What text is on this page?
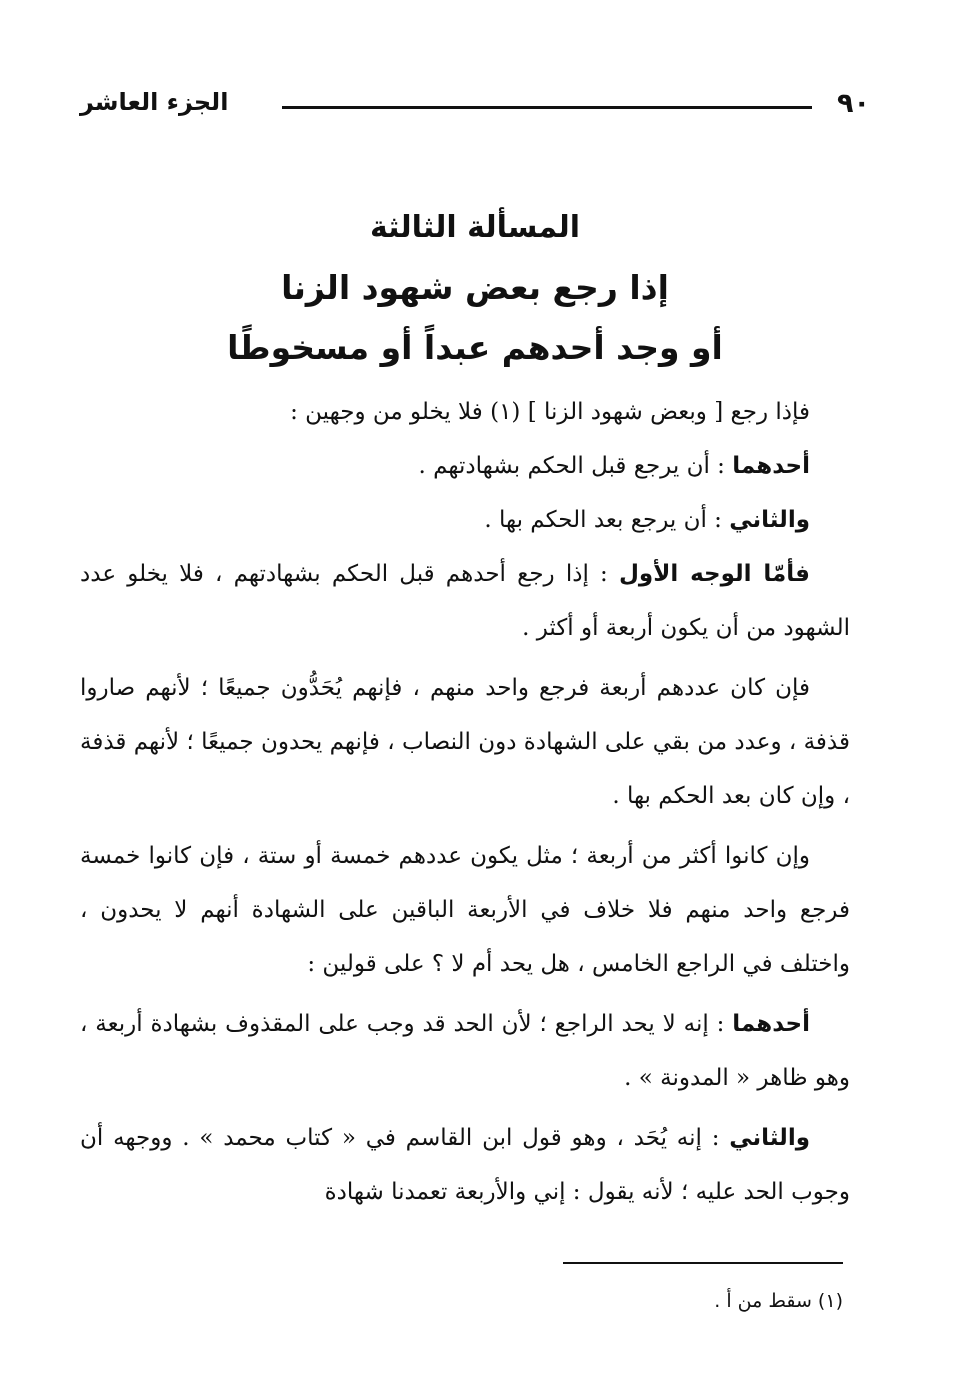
٩٠
الجزء العاشر
المسألة الثالثة
إذا رجع بعض شهود الزنا
أو وجد أحدهم عبداً أو مسخوطًا

فإذا رجع [ وبعض شهود الزنا ] (١) فلا يخلو من وجهين :

أحدهما : أن يرجع قبل الحكم بشهادتهم .

والثاني : أن يرجع بعد الحكم بها .

فأمّا الوجه الأول : إذا رجع أحدهم قبل الحكم بشهادتهم ، فلا يخلو عدد الشهود من أن يكون أربعة أو أكثر .

فإن كان عددهم أربعة فرجع واحد منهم ، فإنهم يُحَدُّون جميعًا ؛ لأنهم صاروا قذفة ، وعدد من بقي على الشهادة دون النصاب ، فإنهم يحدون جميعًا ؛ لأنهم قذفة ، وإن كان بعد الحكم بها .

وإن كانوا أكثر من أربعة ؛ مثل يكون عددهم خمسة أو ستة ، فإن كانوا خمسة فرجع واحد منهم فلا خلاف في الأربعة الباقين على الشهادة أنهم لا يحدون ، واختلف في الراجع الخامس ، هل يحد أم لا ؟ على قولين :

أحدهما : إنه لا يحد الراجع ؛ لأن الحد قد وجب على المقذوف بشهادة أربعة ، وهو ظاهر « المدونة » .

والثاني : إنه يُحَد ، وهو قول ابن القاسم في « كتاب محمد » . ووجهه أن وجوب الحد عليه ؛ لأنه يقول : إني والأربعة تعمدنا شهادة

(١) سقط من أ .
